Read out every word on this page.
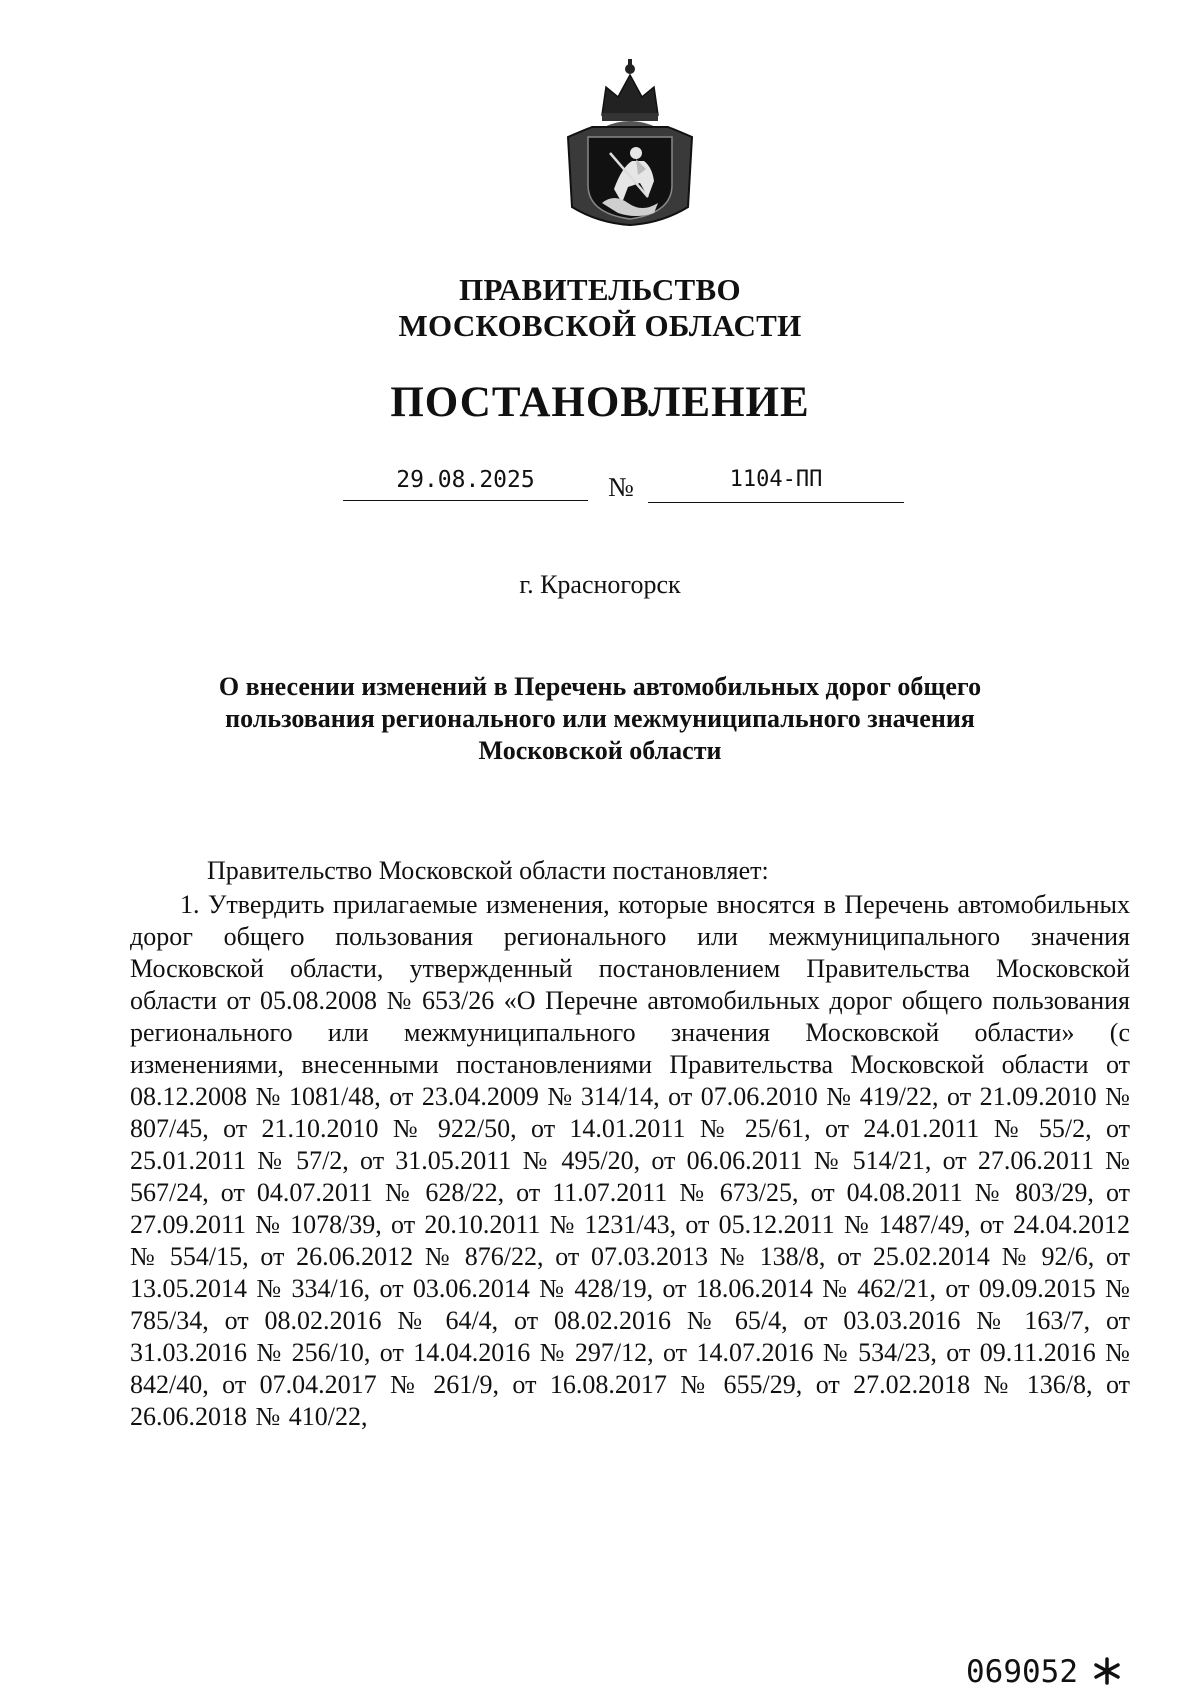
ПРАВИТЕЛЬСТВО
МОСКОВСКОЙ ОБЛАСТИ
ПОСТАНОВЛЕНИЕ
29.08.2025	№	1104-ПП
г. Красногорск
О внесении изменений в Перечень автомобильных дорог общего пользования регионального или межмуниципального значения Московской области

Правительство Московской области постановляет:

1. Утвердить прилагаемые изменения, которые вносятся в Перечень автомобильных дорог общего пользования регионального или межмуниципального значения Московской области, утвержденный постановлением Правительства Московской области от 05.08.2008 № 653/26 «О Перечне автомобильных дорог общего пользования регионального или межмуниципального значения Московской области» (с изменениями, внесенными постановлениями Правительства Московской области от 08.12.2008 № 1081/48, от 23.04.2009 № 314/14, от 07.06.2010 № 419/22, от 21.09.2010 № 807/45, от 21.10.2010 № 922/50, от 14.01.2011 № 25/61, от 24.01.2011 № 55/2, от 25.01.2011 № 57/2, от 31.05.2011 № 495/20, от 06.06.2011 № 514/21, от 27.06.2011 № 567/24, от 04.07.2011 № 628/22, от 11.07.2011 № 673/25, от 04.08.2011 № 803/29, от 27.09.2011 № 1078/39, от 20.10.2011 № 1231/43, от 05.12.2011 № 1487/49, от 24.04.2012 № 554/15, от 26.06.2012 № 876/22, от 07.03.2013 № 138/8, от 25.02.2014 № 92/6, от 13.05.2014 № 334/16, от 03.06.2014 № 428/19, от 18.06.2014 № 462/21, от 09.09.2015 № 785/34, от 08.02.2016 № 64/4, от 08.02.2016 № 65/4, от 03.03.2016 № 163/7, от 31.03.2016 № 256/10, от 14.04.2016 № 297/12, от 14.07.2016 № 534/23, от 09.11.2016 № 842/40, от 07.04.2017 № 261/9, от 16.08.2017 № 655/29, от 27.02.2018 № 136/8, от 26.06.2018 № 410/22,

069052
